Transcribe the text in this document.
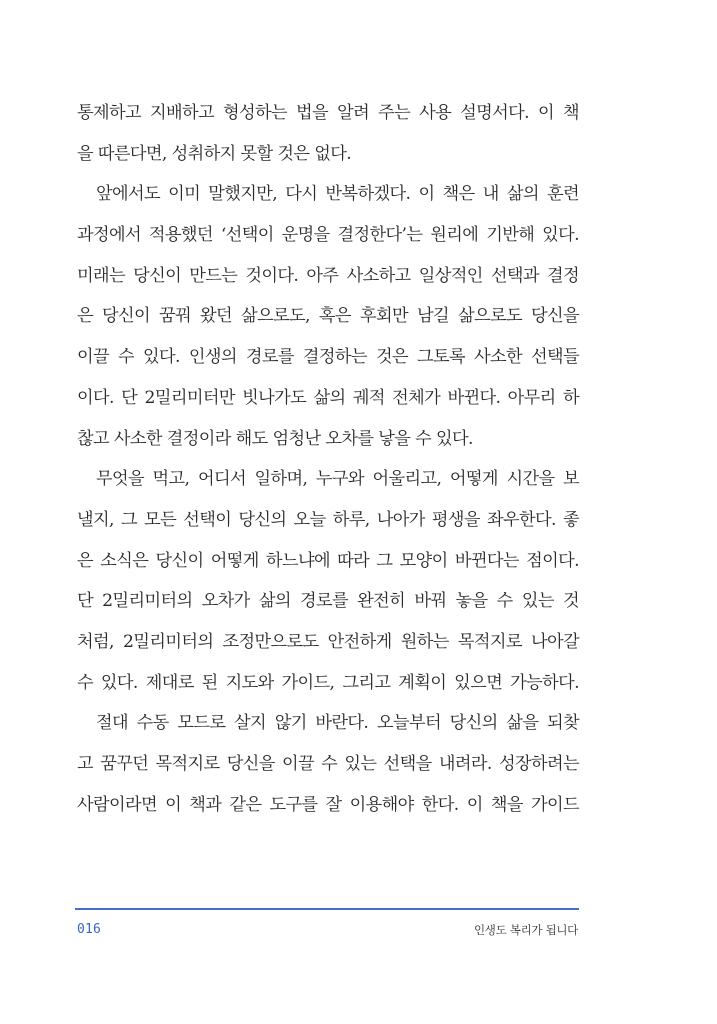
통제하고 지배하고 형성하는 법을 알려 주는 사용 설명서다. 이 책
을 따른다면, 성취하지 못할 것은 없다.
앞에서도 이미 말했지만, 다시 반복하겠다. 이 책은 내 삶의 훈련
과정에서 적용했던 ‘선택이 운명을 결정한다’는 원리에 기반해 있다.
미래는 당신이 만드는 것이다. 아주 사소하고 일상적인 선택과 결정
은 당신이 꿈꿔 왔던 삶으로도, 혹은 후회만 남길 삶으로도 당신을
이끌 수 있다. 인생의 경로를 결정하는 것은 그토록 사소한 선택들
이다. 단 2밀리미터만 빗나가도 삶의 궤적 전체가 바뀐다. 아무리 하
찮고 사소한 결정이라 해도 엄청난 오차를 낳을 수 있다.
무엇을 먹고, 어디서 일하며, 누구와 어울리고, 어떻게 시간을 보
낼지, 그 모든 선택이 당신의 오늘 하루, 나아가 평생을 좌우한다. 좋
은 소식은 당신이 어떻게 하느냐에 따라 그 모양이 바뀐다는 점이다.
단 2밀리미터의 오차가 삶의 경로를 완전히 바꿔 놓을 수 있는 것
처럼, 2밀리미터의 조정만으로도 안전하게 원하는 목적지로 나아갈
수 있다. 제대로 된 지도와 가이드, 그리고 계획이 있으면 가능하다.
절대 수동 모드로 살지 않기 바란다. 오늘부터 당신의 삶을 되찾
고 꿈꾸던 목적지로 당신을 이끌 수 있는 선택을 내려라. 성장하려는
사람이라면 이 책과 같은 도구를 잘 이용해야 한다. 이 책을 가이드
016	인생도 복리가 됩니다
